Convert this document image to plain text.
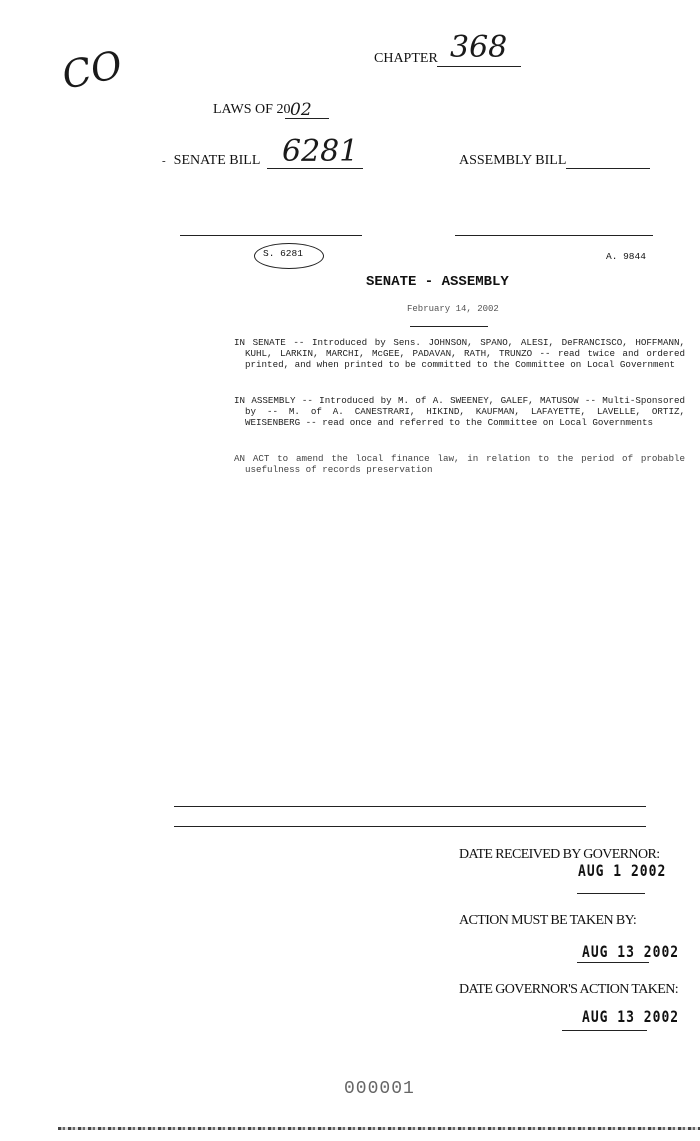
CO	CHAPTER 368
LAWS OF 20 02
- SENATE BILL 6281	ASSEMBLY BILL
S. 6281	A. 9844
SENATE - ASSEMBLY
February 14, 2002

IN SENATE -- Introduced by Sens. JOHNSON, SPANO, ALESI, DeFRANCISCO, HOFFMANN, KUHL, LARKIN, MARCHI, McGEE, PADAVAN, RATH, TRUNZO -- read twice and ordered printed, and when printed to be committed to the Committee on Local Government

IN ASSEMBLY -- Introduced by M. of A. SWEENEY, GALEF, MATUSOW -- Multi-Sponsored by -- M. of A. CANESTRARI, HIKIND, KAUFMAN, LAFAYETTE, LAVELLE, ORTIZ, WEISENBERG -- read once and referred to the Committee on Local Governments

AN ACT to amend the local finance law, in relation to the period of probable usefulness of records preservation

DATE RECEIVED BY GOVERNOR:
AUG 1 2002
ACTION MUST BE TAKEN BY:
AUG 13 2002
DATE GOVERNOR'S ACTION TAKEN:
AUG 13 2002
000001
